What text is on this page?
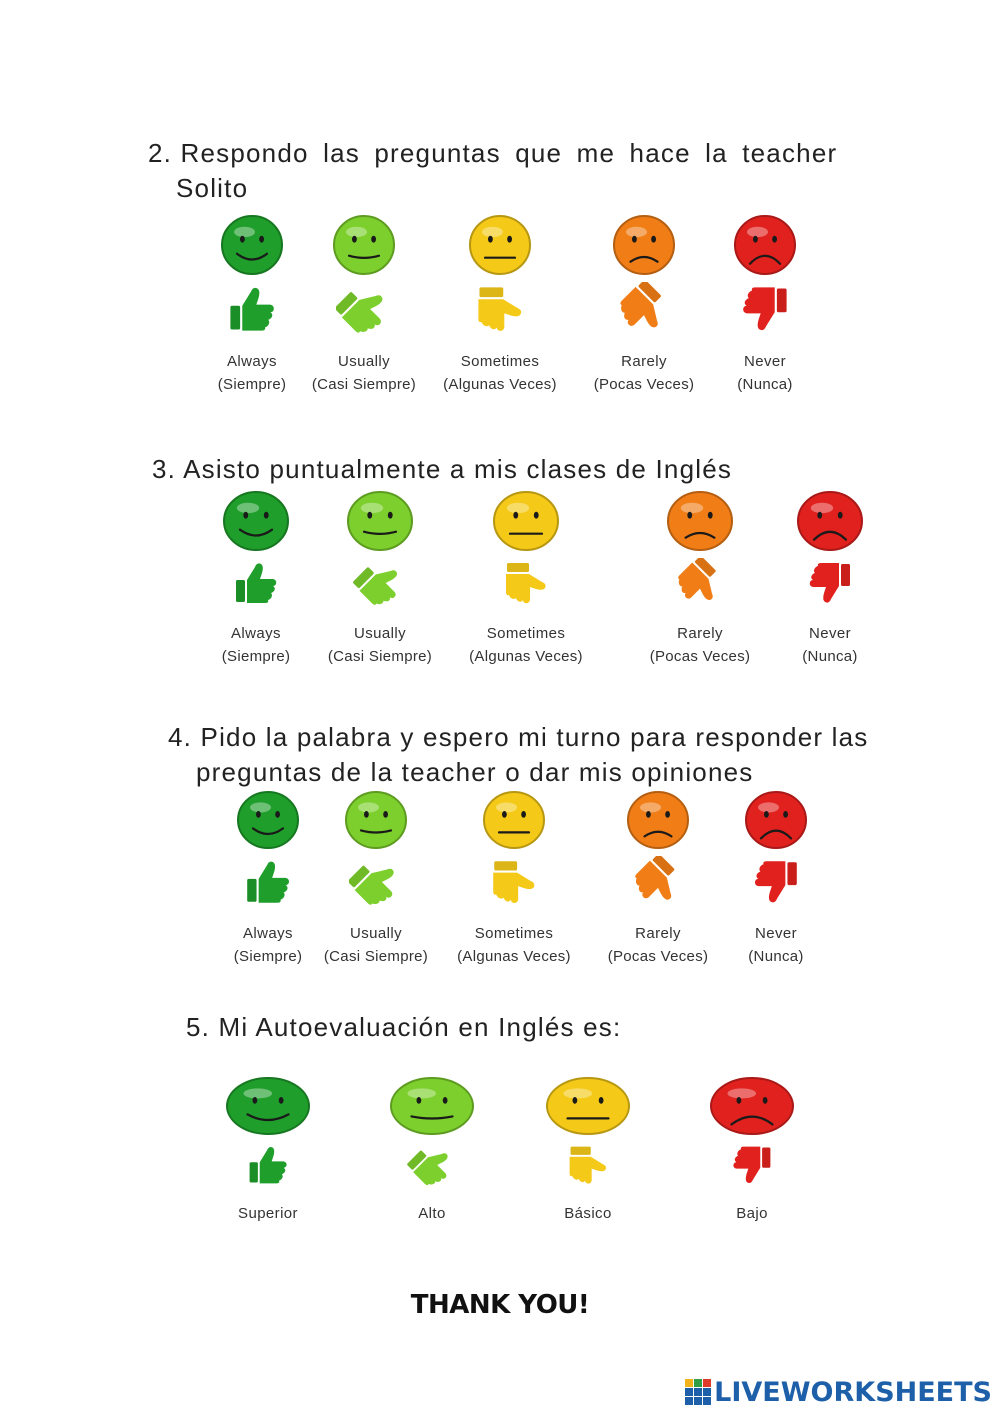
2. Respondo las preguntas que me hace la teacher
Solito
Always
(Siempre)
Usually
(Casi Siempre)
Sometimes
(Algunas Veces)
Rarely
(Pocas Veces)
Never
(Nunca)
3. Asisto puntualmente a mis clases de Inglés
Always
(Siempre)
Usually
(Casi Siempre)
Sometimes
(Algunas Veces)
Rarely
(Pocas Veces)
Never
(Nunca)
4. Pido la palabra y espero mi turno para responder las
preguntas de la teacher o dar mis opiniones
Always
(Siempre)
Usually
(Casi Siempre)
Sometimes
(Algunas Veces)
Rarely
(Pocas Veces)
Never
(Nunca)
5. Mi Autoevaluación en Inglés es:
Superior	Alto	Básico	Bajo
THANK YOU!
LIVEWORKSHEETS
